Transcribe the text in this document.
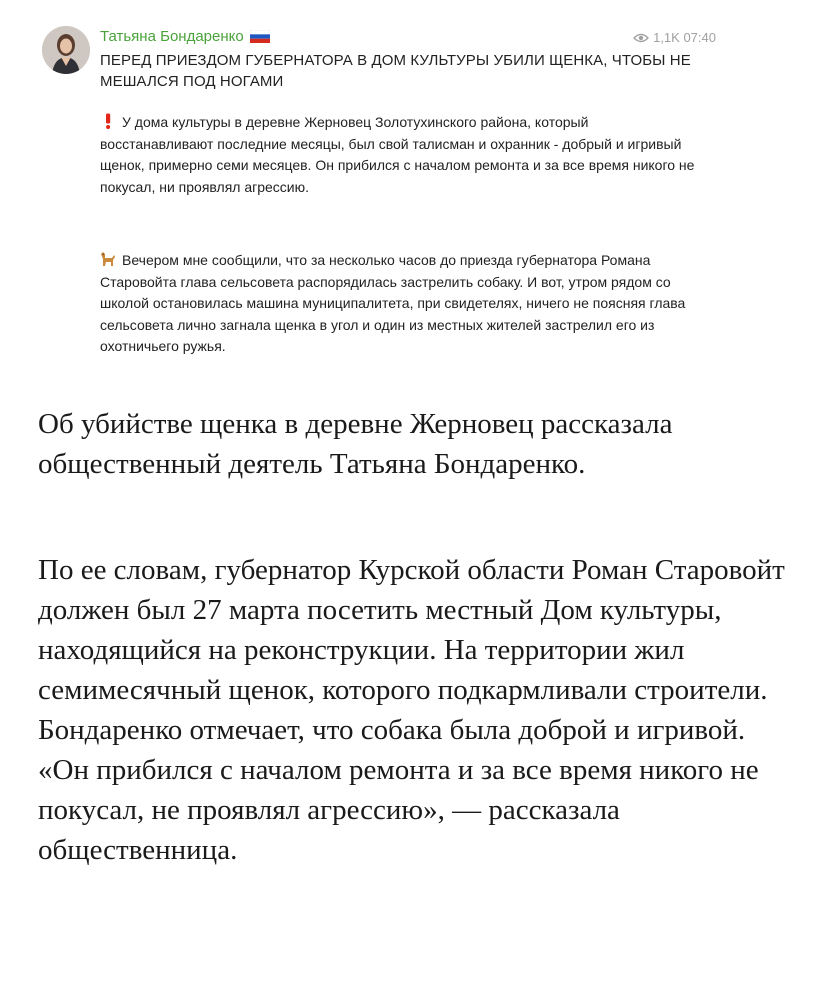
Татьяна Бондаренко	1,1K 07:40
ПЕРЕД ПРИЕЗДОМ ГУБЕРНАТОРА В ДОМ КУЛЬТУРЫ УБИЛИ ЩЕНКА, ЧТОБЫ НЕ МЕШАЛСЯ ПОД НОГАМИ
У дома культуры в деревне Жерновец Золотухинского района, который восстанавливают последние месяцы, был свой талисман и охранник - добрый и игривый щенок, примерно семи месяцев. Он прибился с началом ремонта и за все время никого не покусал, ни проявлял агрессию.
Вечером мне сообщили, что за несколько часов до приезда губернатора Романа Старовойта глава сельсовета распорядилась застрелить собаку. И вот, утром рядом со школой остановилась машина муниципалитета, при свидетелях, ничего не поясняя глава сельсовета лично загнала щенка в угол и один из местных жителей застрелил его из охотничьего ружья.

Об убийстве щенка в деревне Жерновец рассказала общественный деятель Татьяна Бондаренко.

По ее словам, губернатор Курской области Роман Старовойт должен был 27 марта посетить местный Дом культуры, находящийся на реконструкции. На территории жил семимесячный щенок, которого подкармливали строители. Бондаренко отмечает, что собака была доброй и игривой. «Он прибился с началом ремонта и за все время никого не покусал, не проявлял агрессию», — рассказала общественница.
